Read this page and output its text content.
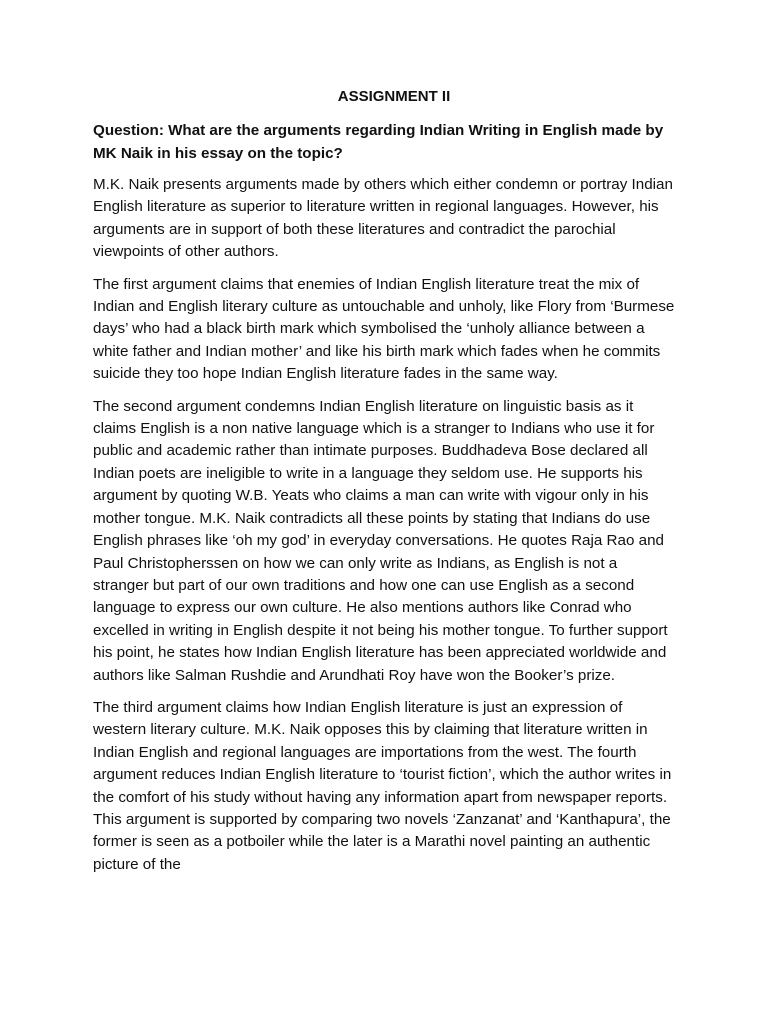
ASSIGNMENT II
Question: What are the arguments regarding Indian Writing in English made by MK Naik in his essay on the topic?

M.K. Naik presents arguments made by others which either condemn or portray Indian English literature as superior to literature written in regional languages. However, his arguments are in support of both these literatures and contradict the parochial viewpoints of other authors.

The first argument claims that enemies of Indian English literature treat the mix of Indian and English literary culture as untouchable and unholy, like Flory from ‘Burmese days’ who had a black birth mark which symbolised the ‘unholy alliance between a white father and Indian mother’ and like his birth mark which fades when he commits suicide they too hope Indian English literature fades in the same way.

The second argument condemns Indian English literature on linguistic basis as it claims English is a non native language which is a stranger to Indians who use it for public and academic rather than intimate purposes. Buddhadeva Bose declared all Indian poets are ineligible to write in a language they seldom use. He supports his argument by quoting W.B. Yeats who claims a man can write with vigour only in his mother tongue. M.K. Naik contradicts all these points by stating that Indians do use English phrases like ‘oh my god’ in everyday conversations. He quotes Raja Rao and Paul Christopherssen on how we can only write as Indians, as English is not a stranger but part of our own traditions and how one can use English as a second language to express our own culture. He also mentions authors like Conrad who excelled in writing in English despite it not being his mother tongue. To further support his point, he states how Indian English literature has been appreciated worldwide and authors like Salman Rushdie and Arundhati Roy have won the Booker’s prize.

The third argument claims how Indian English literature is just an expression of western literary culture. M.K. Naik opposes this by claiming that literature written in Indian English and regional languages are importations from the west. The fourth argument reduces Indian English literature to ‘tourist fiction’, which the author writes in the comfort of his study without having any information apart from newspaper reports. This argument is supported by comparing two novels ‘Zanzanat’ and ‘Kanthapura’, the former is seen as a potboiler while the later is a Marathi novel painting an authentic picture of the
